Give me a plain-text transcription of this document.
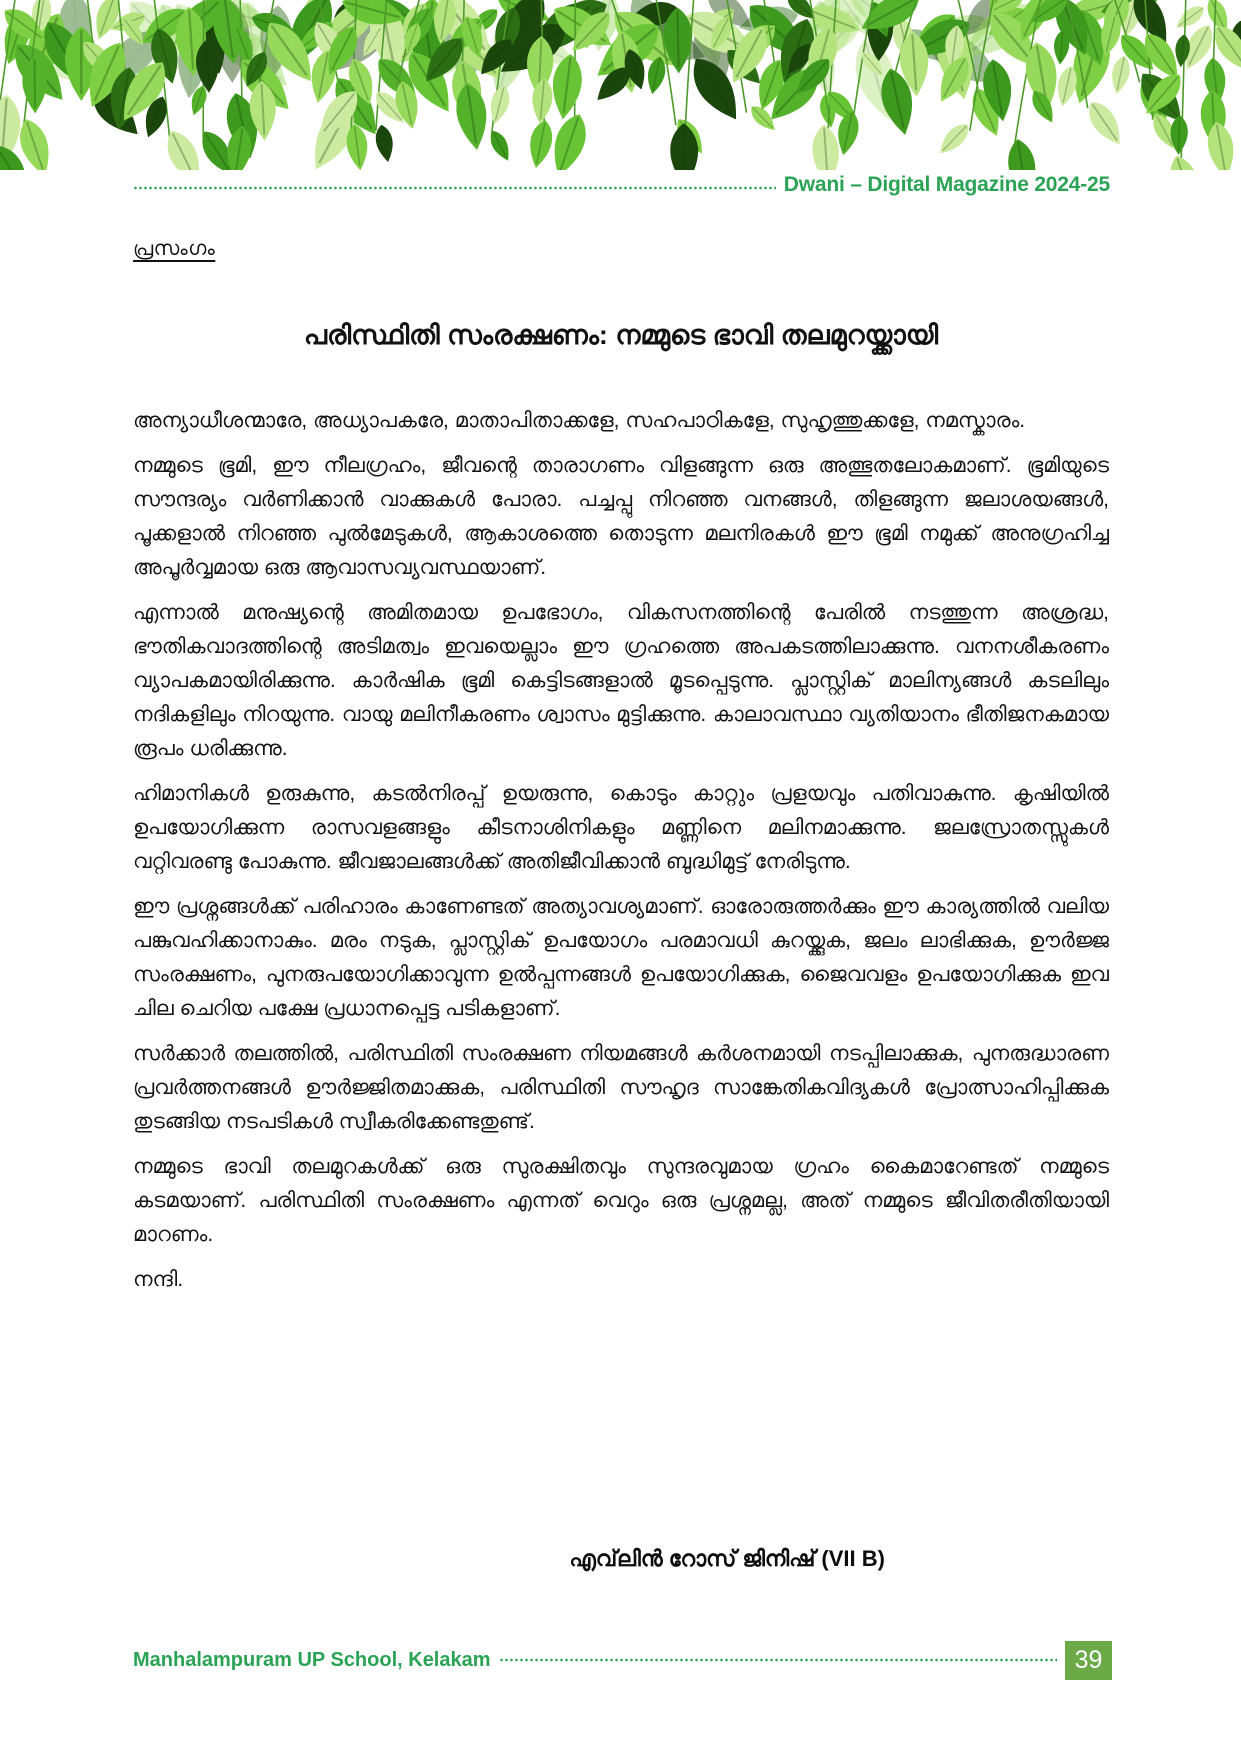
Dwani – Digital Magazine 2024-25
പ്രസംഗം
പരിസ്ഥിതി സംരക്ഷണം: നമ്മുടെ ഭാവി തലമുറയ്ക്കായി

അന്യാധീശന്മാരേ, അധ്യാപകരേ, മാതാപിതാക്കളേ, സഹപാഠികളേ, സുഹൃത്തുക്കളേ, നമസ്കാരം.

നമ്മുടെ ഭൂമി, ഈ നീലഗ്രഹം, ജീവന്റെ താരാഗണം വിളങ്ങുന്ന ഒരു അത്ഭുതലോകമാണ്. ഭൂമിയുടെ സൗന്ദര്യം വർണിക്കാൻ വാക്കുകൾ പോരാ. പച്ചപ്പു നിറഞ്ഞ വനങ്ങൾ, തിളങ്ങുന്ന ജലാശയങ്ങൾ, പൂക്കളാൽ നിറഞ്ഞ പുൽമേടുകൾ, ആകാശത്തെ തൊടുന്ന മലനിരകൾ ഈ ഭൂമി നമുക്ക് അനുഗ്രഹിച്ച അപൂർവ്വമായ ഒരു ആവാസവ്യവസ്ഥയാണ്.

എന്നാൽ മനുഷ്യന്റെ അമിതമായ ഉപഭോഗം, വികസനത്തിന്റെ പേരിൽ നടത്തുന്ന അശ്രദ്ധ, ഭൗതികവാദത്തിന്റെ അടിമത്വം ഇവയെല്ലാം ഈ ഗ്രഹത്തെ അപകടത്തിലാക്കുന്നു. വനനശീകരണം വ്യാപകമായിരിക്കുന്നു. കാർഷിക ഭൂമി കെട്ടിടങ്ങളാൽ മൂടപ്പെടുന്നു. പ്ലാസ്റ്റിക് മാലിന്യങ്ങൾ കടലിലും നദികളിലും നിറയുന്നു. വായു മലിനീകരണം ശ്വാസം മുട്ടിക്കുന്നു. കാലാവസ്ഥാ വ്യതിയാനം ഭീതിജനകമായ രൂപം ധരിക്കുന്നു.

ഹിമാനികൾ ഉരുകുന്നു, കടൽനിരപ്പ് ഉയരുന്നു, കൊടും കാറ്റും പ്രളയവും പതിവാകുന്നു. കൃഷിയിൽ ഉപയോഗിക്കുന്ന രാസവളങ്ങളും കീടനാശിനികളും മണ്ണിനെ മലിനമാക്കുന്നു. ജലസ്രോതസ്സുകൾ വറ്റിവരണ്ടു പോകുന്നു. ജീവജാലങ്ങൾക്ക് അതിജീവിക്കാൻ ബുദ്ധിമുട്ട് നേരിടുന്നു.

ഈ പ്രശ്നങ്ങൾക്ക് പരിഹാരം കാണേണ്ടത് അത്യാവശ്യമാണ്. ഓരോരുത്തർക്കും ഈ കാര്യത്തിൽ വലിയ പങ്കുവഹിക്കാനാകും. മരം നടുക, പ്ലാസ്റ്റിക് ഉപയോഗം പരമാവധി കുറയ്ക്കുക, ജലം ലാഭിക്കുക, ഊർജ്ജ സംരക്ഷണം, പുനരുപയോഗിക്കാവുന്ന ഉൽപ്പന്നങ്ങൾ ഉപയോഗിക്കുക, ജൈവവളം ഉപയോഗിക്കുക ഇവ ചില ചെറിയ പക്ഷേ പ്രധാനപ്പെട്ട പടികളാണ്.

സർക്കാർ തലത്തിൽ, പരിസ്ഥിതി സംരക്ഷണ നിയമങ്ങൾ കർശനമായി നടപ്പിലാക്കുക, പുനരുദ്ധാരണ പ്രവർത്തനങ്ങൾ ഊർജ്ജിതമാക്കുക, പരിസ്ഥിതി സൗഹൃദ സാങ്കേതികവിദ്യകൾ പ്രോത്സാഹിപ്പിക്കുക തുടങ്ങിയ നടപടികൾ സ്വീകരിക്കേണ്ടതുണ്ട്.

നമ്മുടെ ഭാവി തലമുറകൾക്ക് ഒരു സുരക്ഷിതവും സുന്ദരവുമായ ഗ്രഹം കൈമാറേണ്ടത് നമ്മുടെ കടമയാണ്. പരിസ്ഥിതി സംരക്ഷണം എന്നത് വെറും ഒരു പ്രശ്നമല്ല, അത് നമ്മുടെ ജീവിതരീതിയായി മാറണം.

നന്ദി.

എവ്‌ലിൻ റോസ് ജിനിഷ് (VII B)
Manhalampuram UP School, Kelakam	39
